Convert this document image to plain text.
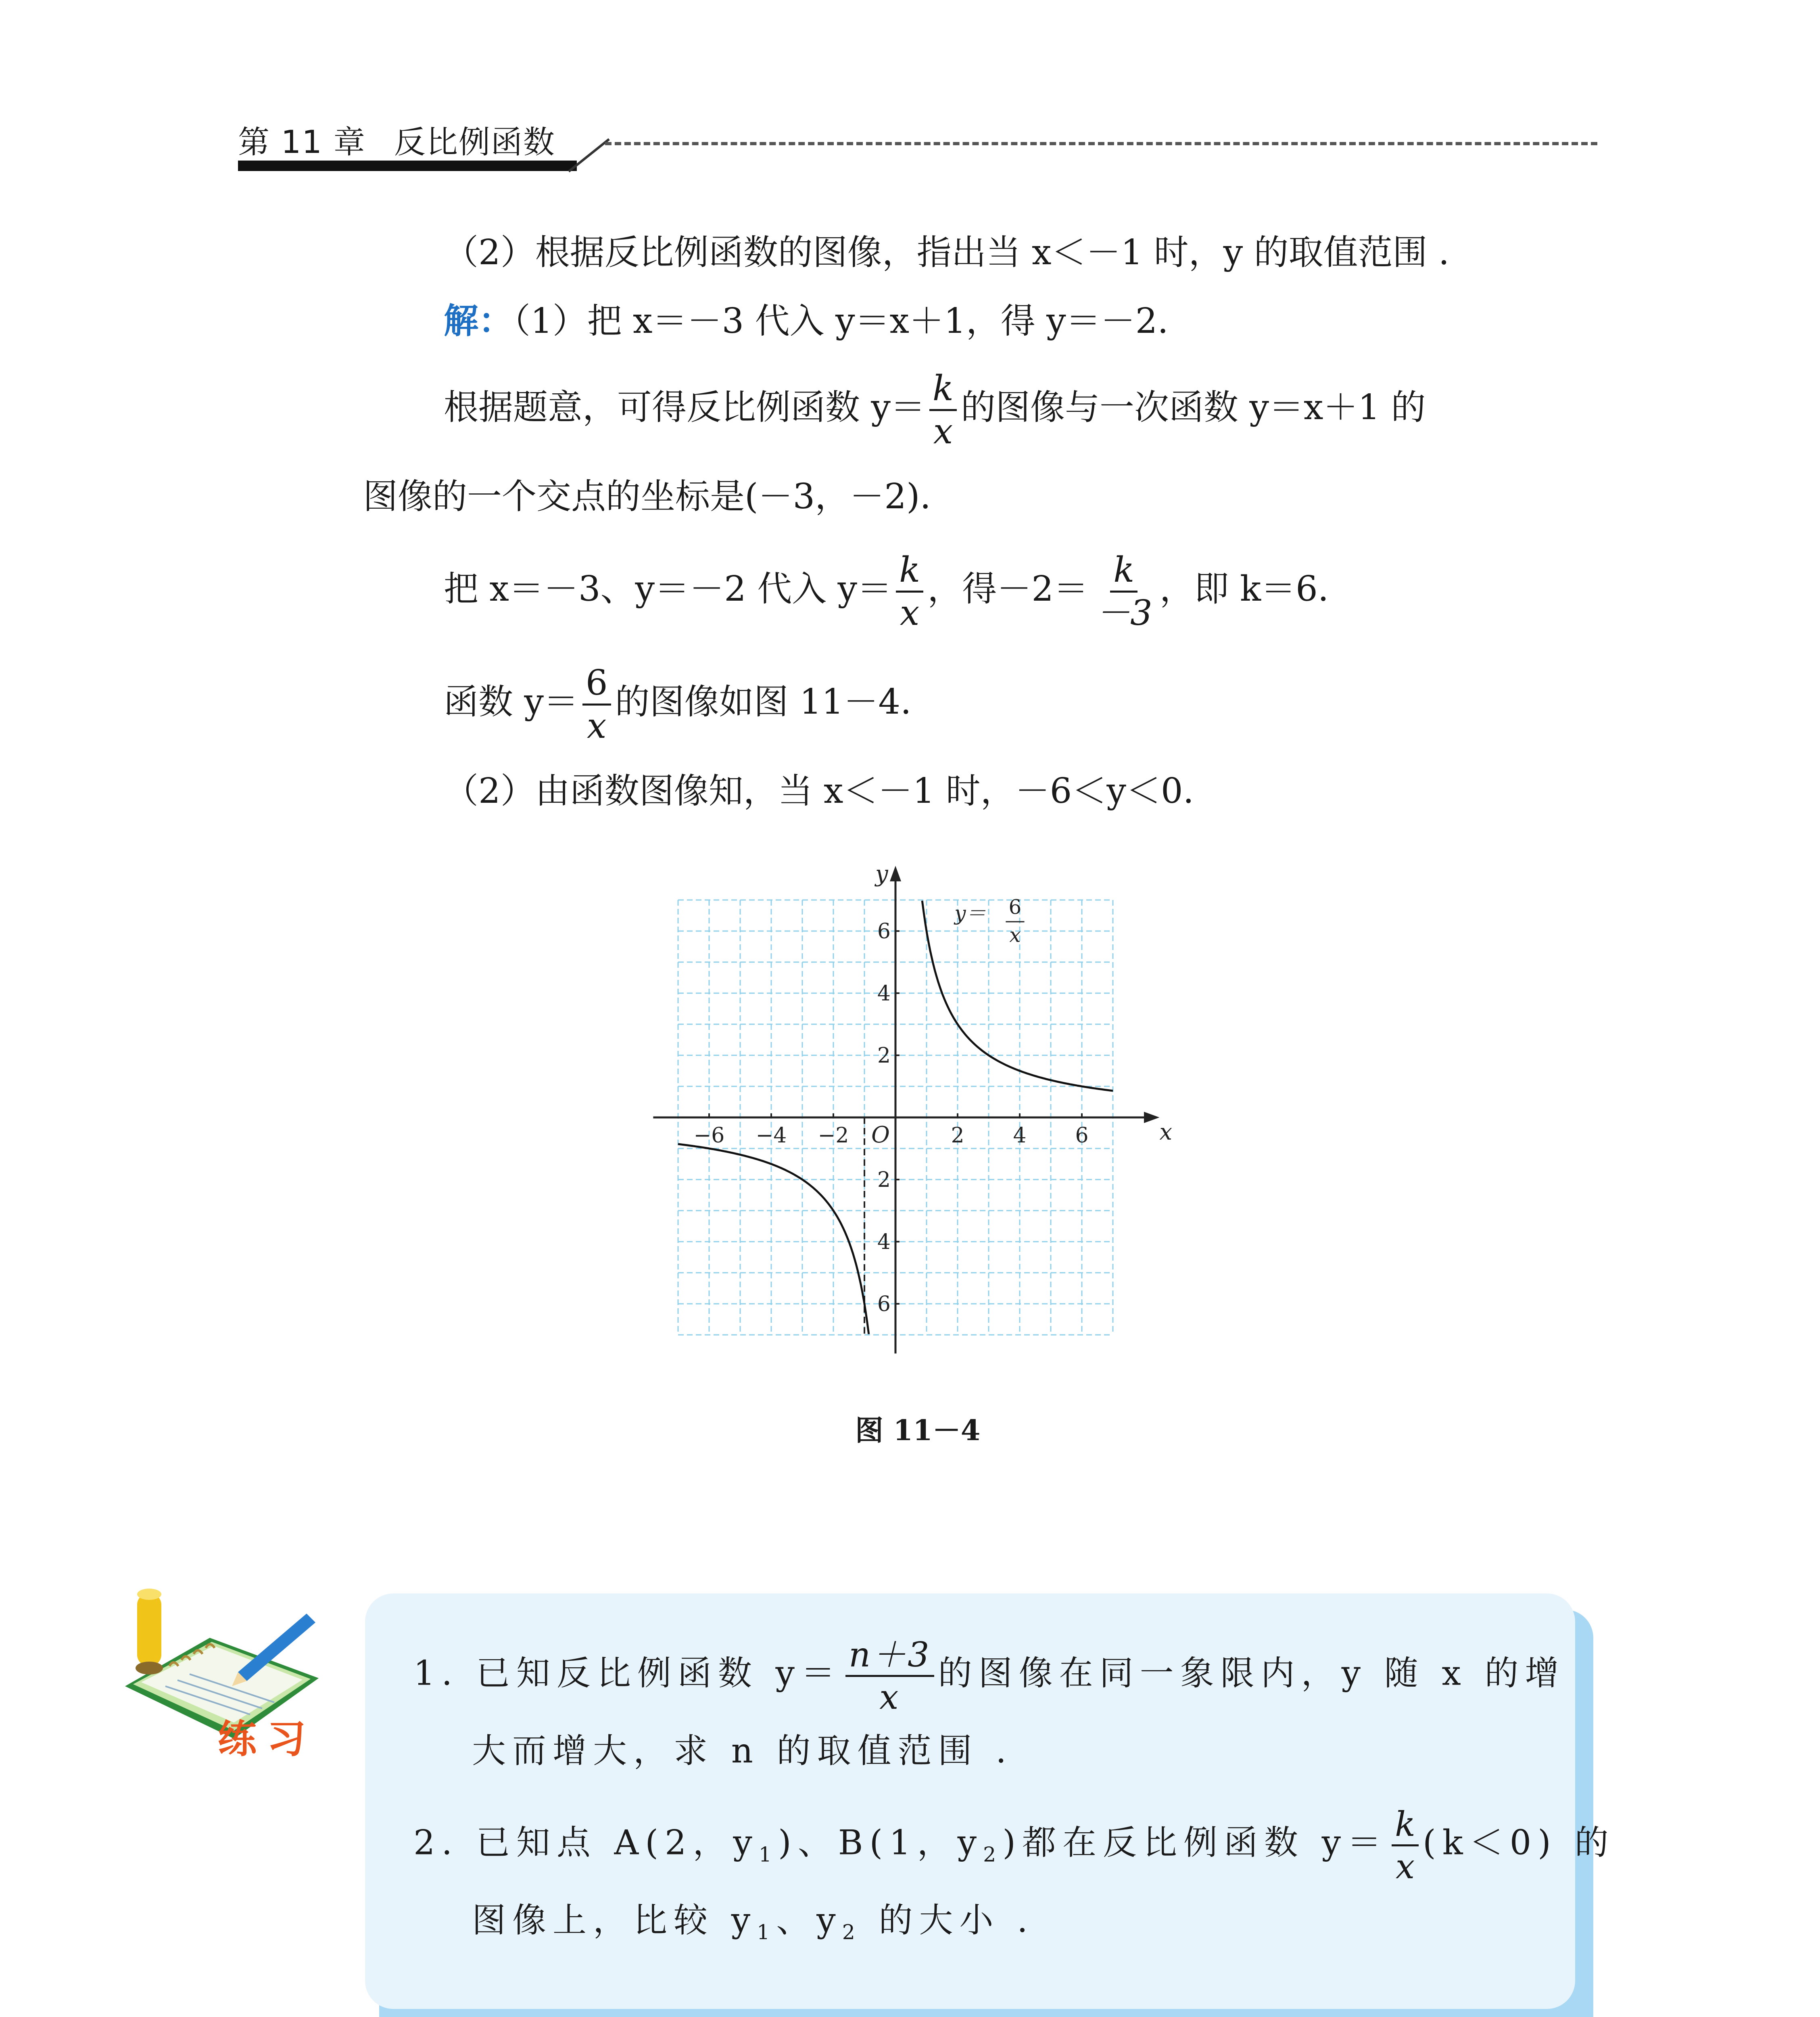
第 11 章 反比例函数
（2）根据反比例函数的图像，指出当 x＜－1 时，y 的取值范围 .
解：（1）把 x＝－3 代入 y＝x＋1，得 y＝－2.
根据题意，可得反比例函数 $y= \frac{k}{x}$ 的图像与一次函数 y＝x＋1 的
图像的一个交点的坐标是(－3，－2).
把 x＝－3、y＝－2 代入 $y= \frac{k}{x}$ ，得$-2= \frac{k}{-3}$ ，即 k＝6.
函数 $y= \frac{6}{x}$ 的图像如图 11－4.
（2）由函数图像知，当 x＜－1 时，－6＜y＜0.
−6 −4 −2	2 4 6
6
4
2
2
4
6
x
y
O
y＝ 6
x
图 11－4
练习
1. 已知反比例函数 $y= \frac{n+3}{x}$ 的图像在同一象限内，y 随 x 的增
大而增大，求 n 的取值范围 .
2. 已知点 A(2，$y_1$)、B(1，$y_2$)都在反比例函数 $y= \frac{k}{x} (k<0)$ 的
图像上，比较 $y_1$、$y_2$ 的大小 .
